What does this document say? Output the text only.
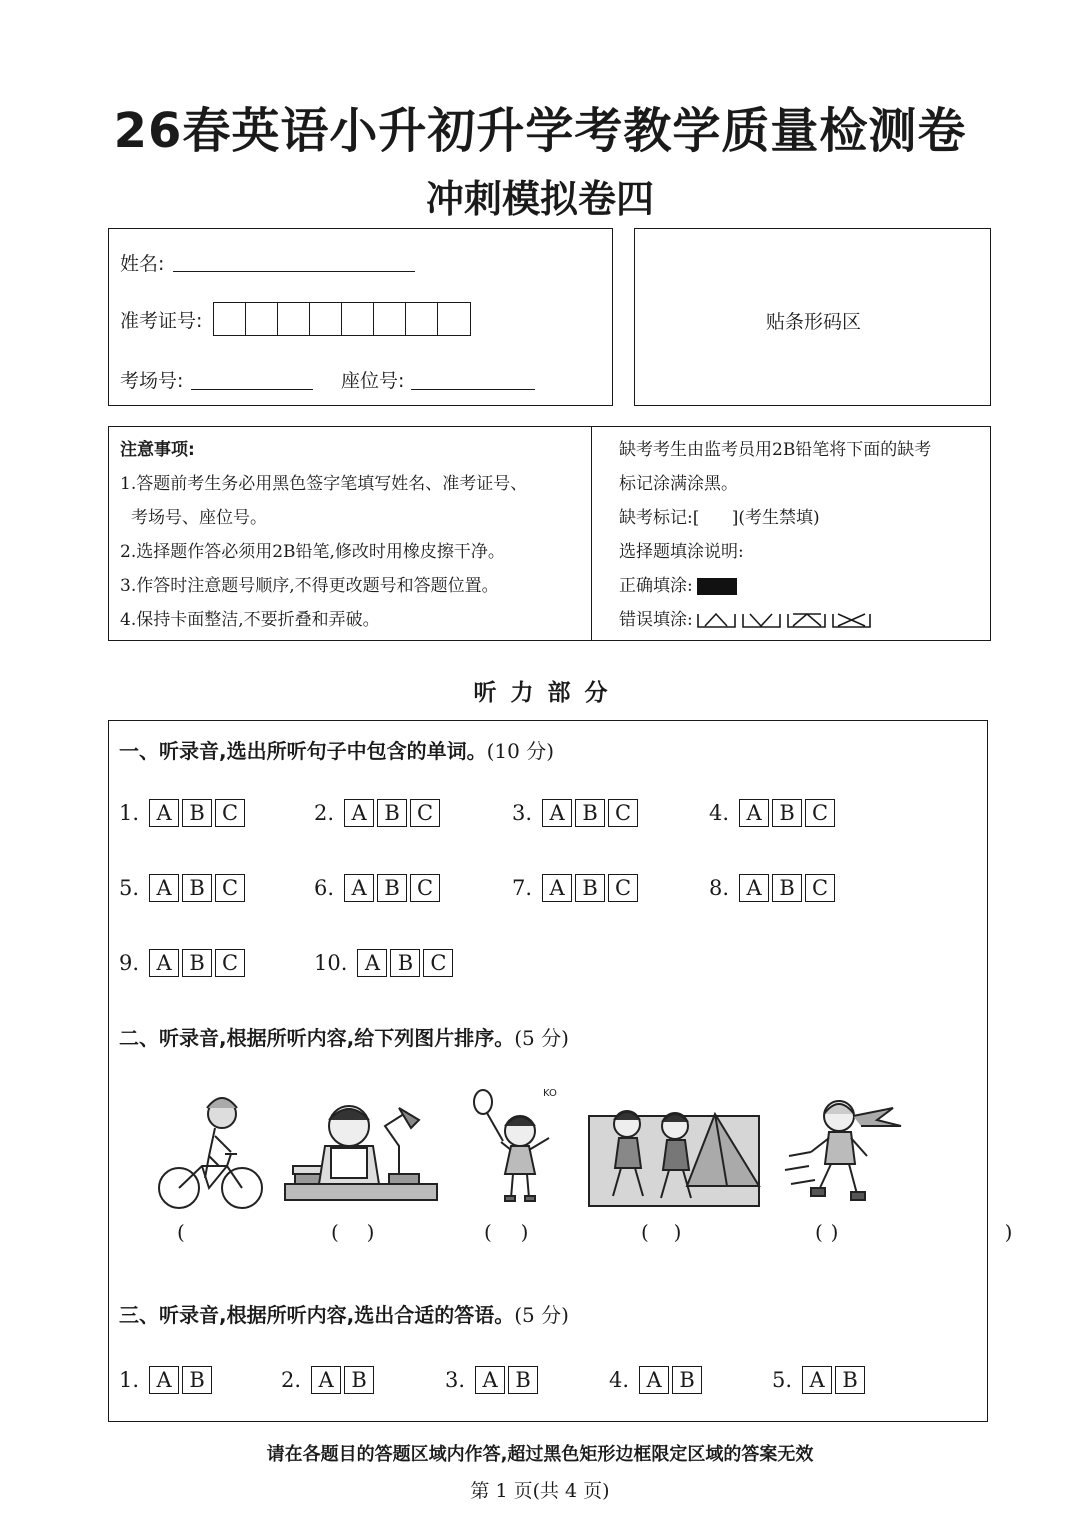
26春英语小升初升学考教学质量检测卷
冲刺模拟卷四
姓名:
准考证号:
考场号:	座位号:
贴条形码区
注意事项:
1.答题前考生务必用黑色签字笔填写姓名、准考证号、
考场号、座位号。
2.选择题作答必须用2B铅笔,修改时用橡皮擦干净。
3.作答时注意题号顺序,不得更改题号和答题位置。
4.保持卡面整洁,不要折叠和弄破。
缺考考生由监考员用2B铅笔将下面的缺考
标记涂满涂黑。
缺考标记:[      ](考生禁填)
选择题填涂说明:
正确填涂:
错误填涂:
听力部分
一、听录音,选出所听句子中包含的单词。(10 分)
1. A B C	2. A B C	3. A B C	4. A B C
5. A B C	6. A B C	7. A B C	8. A B C
9. A B C	10. A B C
二、听录音,根据所听内容,给下列图片排序。(5 分)
KO
(     )
(     )
(     )
(     )
(     )
三、听录音,根据所听内容,选出合适的答语。(5 分)
1. A B	2. A B	3. A B	4. A B	5. A B
请在各题目的答题区域内作答,超过黑色矩形边框限定区域的答案无效
第 1 页(共 4 页)
